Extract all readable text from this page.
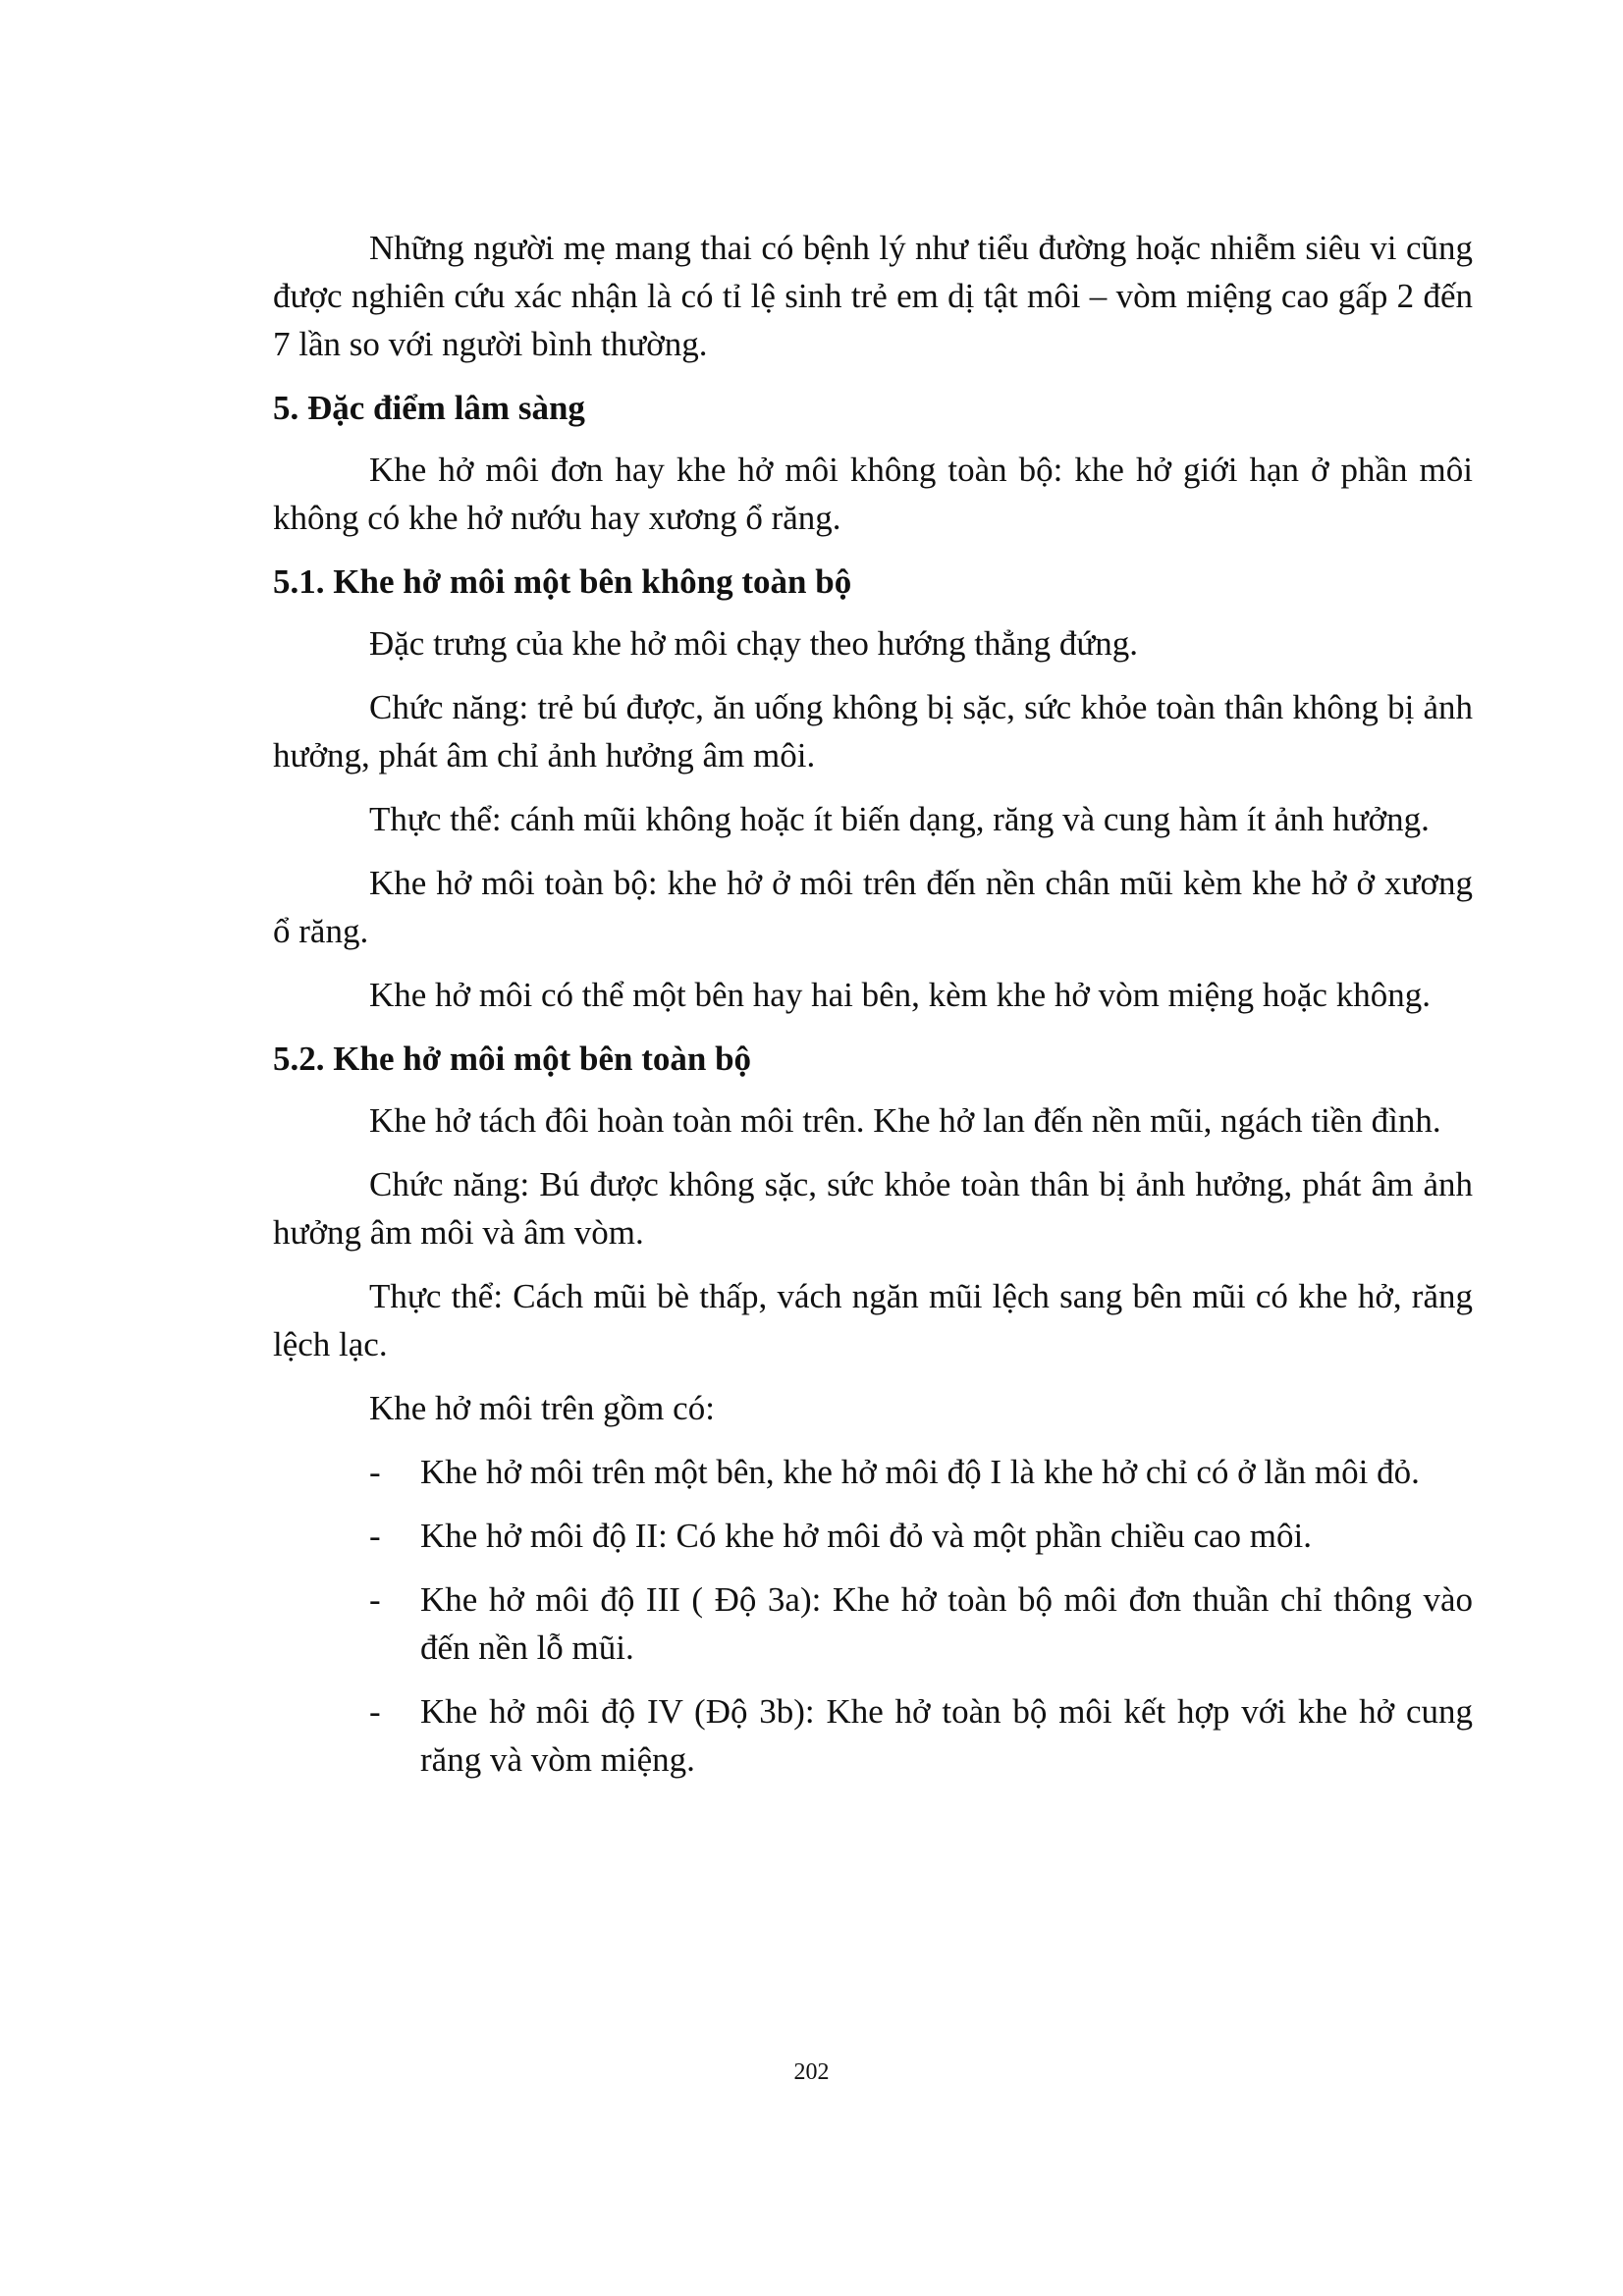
Những người mẹ mang thai có bệnh lý như tiểu đường hoặc nhiễm siêu vi cũng được nghiên cứu xác nhận là có tỉ lệ sinh trẻ em dị tật môi – vòm miệng cao gấp 2 đến 7 lần so với người bình thường.

5. Đặc điểm lâm sàng

Khe hở môi đơn hay khe hở môi không toàn bộ: khe hở giới hạn ở phần môi không có khe hở nướu hay xương ổ răng.

5.1. Khe hở môi một bên không toàn bộ

Đặc trưng của khe hở môi chạy theo hướng thẳng đứng.

Chức năng: trẻ bú được, ăn uống không bị sặc, sức khỏe toàn thân không bị ảnh hưởng, phát âm chỉ ảnh hưởng âm môi.

Thực thể: cánh mũi không hoặc ít biến dạng, răng và cung hàm ít ảnh hưởng.

Khe hở môi toàn bộ: khe hở ở môi trên đến nền chân mũi kèm khe hở ở xương ổ răng.

Khe hở môi có thể một bên hay hai bên, kèm khe hở vòm miệng hoặc không.

5.2. Khe hở môi một bên toàn bộ

Khe hở tách đôi hoàn toàn môi trên. Khe hở lan đến nền mũi, ngách tiền đình.

Chức năng: Bú được không sặc, sức khỏe toàn thân bị ảnh hưởng, phát âm ảnh hưởng âm môi và âm vòm.

Thực thể: Cách mũi bè thấp, vách ngăn mũi lệch sang bên mũi có khe hở, răng lệch lạc.

Khe hở môi trên gồm có:

- Khe hở môi trên một bên, khe hở môi độ I là khe hở chỉ có ở lằn môi đỏ.
- Khe hở môi độ II: Có khe hở môi đỏ và một phần chiều cao môi.
- Khe hở môi độ III ( Độ 3a): Khe hở toàn bộ môi đơn thuần chỉ thông vào đến nền lỗ mũi.
- Khe hở môi độ IV (Độ 3b): Khe hở toàn bộ môi kết hợp với khe hở cung răng và vòm miệng.
202
